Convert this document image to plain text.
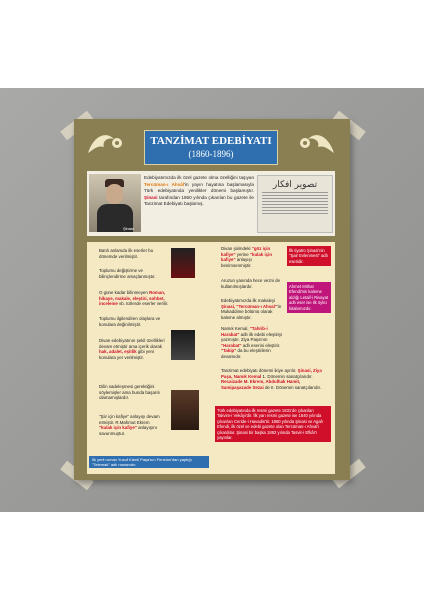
TANZİMAT EDEBİYATI
(1860-1896)
Şinasi
Edebiyatımızda ilk özel gazete olma özelliğini taşıyan Tercüman-ı Ahvâl'in yayın hayatına başlamasıyla Türk edebiyatında yenilikler dönemi başlamıştır. Şinasi tarafından 1860 yılında çıkarılan bu gazete ile Tanzimat Edebiyatı başlamış.
تصوير افكار
Batılı anlamda ilk eserler bu dönemde verilmiştir.
Toplumu değiştirme ve bilinçlendirme amaçlanmıştır.
O güne kadar bilinmeyen Roman, hikaye, makale, eleştiri, sohbet, inceleme vb. türlerde eserler verilir.
Toplumu ilgilendiren olaylara ve konulara değinilmiştir.
Divan edebiyatının şekil özellikleri devam etmiştir ama içerik olarak hak, adalet, eşitlik gibi yeni konulara yer verilmiştir.
Dilin sadeleşmesi gerektiğini söylemişler ama bunda başarılı olamamışlardır.
"Şiir için kafiye" anlayışı devam etmiştir. R.Mahmut Ekrem "kulak için kafiye" anlayışını savunmuştur.
İlk yerli roman Yusuf Kâmil Paşa'nın Fenelon'dan yaptığı "Telemak" adlı romanıdır.
Divan şiirindeki "göz için kafiye" yerine "kulak için kafiye" anlayışı benimsenmiştir.
Aruzun yanında hece vezni de kullanılmışlardır.
Edebiyatımızda ilk makaleyi Şinasi, "Tercüman-ı Ahval"'in Mukaddime bölümü olarak kaleme almıştır.
Namık Kemal, "Tahrib-i Harabat" adlı ilk edebi eleştiriyi yazmıştır. Ziya Paşa'nın "Harabat" adlı eserini eleştirir. "Takip" da bu eleştirilerin devamıdır.
Tanzimat edebiyatı dönemi ikiye ayrılır. Şinasi, Ziya Paşa, Namık Kemal 1. Dönemin sanatçılarıdır. Recaizade M. Ekrem, Abdulhak Hamit, Samipaşazade Sezai de II. Dönemin sanatçılarıdır.
İlk tiyatro Şinasi'nin "Şair Evlenmesi" adlı eseridir.
Ahmet Mithat Efendi'nin kaleme aldığı Letaif-i Rivayat adlı eser ise ilk öykü kitabımızdır.
Türk edebiyatında ilk resmi gazete 1831'de çıkarılan Takvim-i Vekâyi'dir. İlk yarı resmi gazete ise 1840 yılında çıkarılan Ceride-i Havadis'tir. 1860 yılında Şinasi ve Agah Efendi, ilk özel ve edebi gazete olan Tercüman-ı Ahval'i çıkardılar. Şinasi bir başka 1862 yılında Tasvir-i Efkâr'ı yayınlar.
